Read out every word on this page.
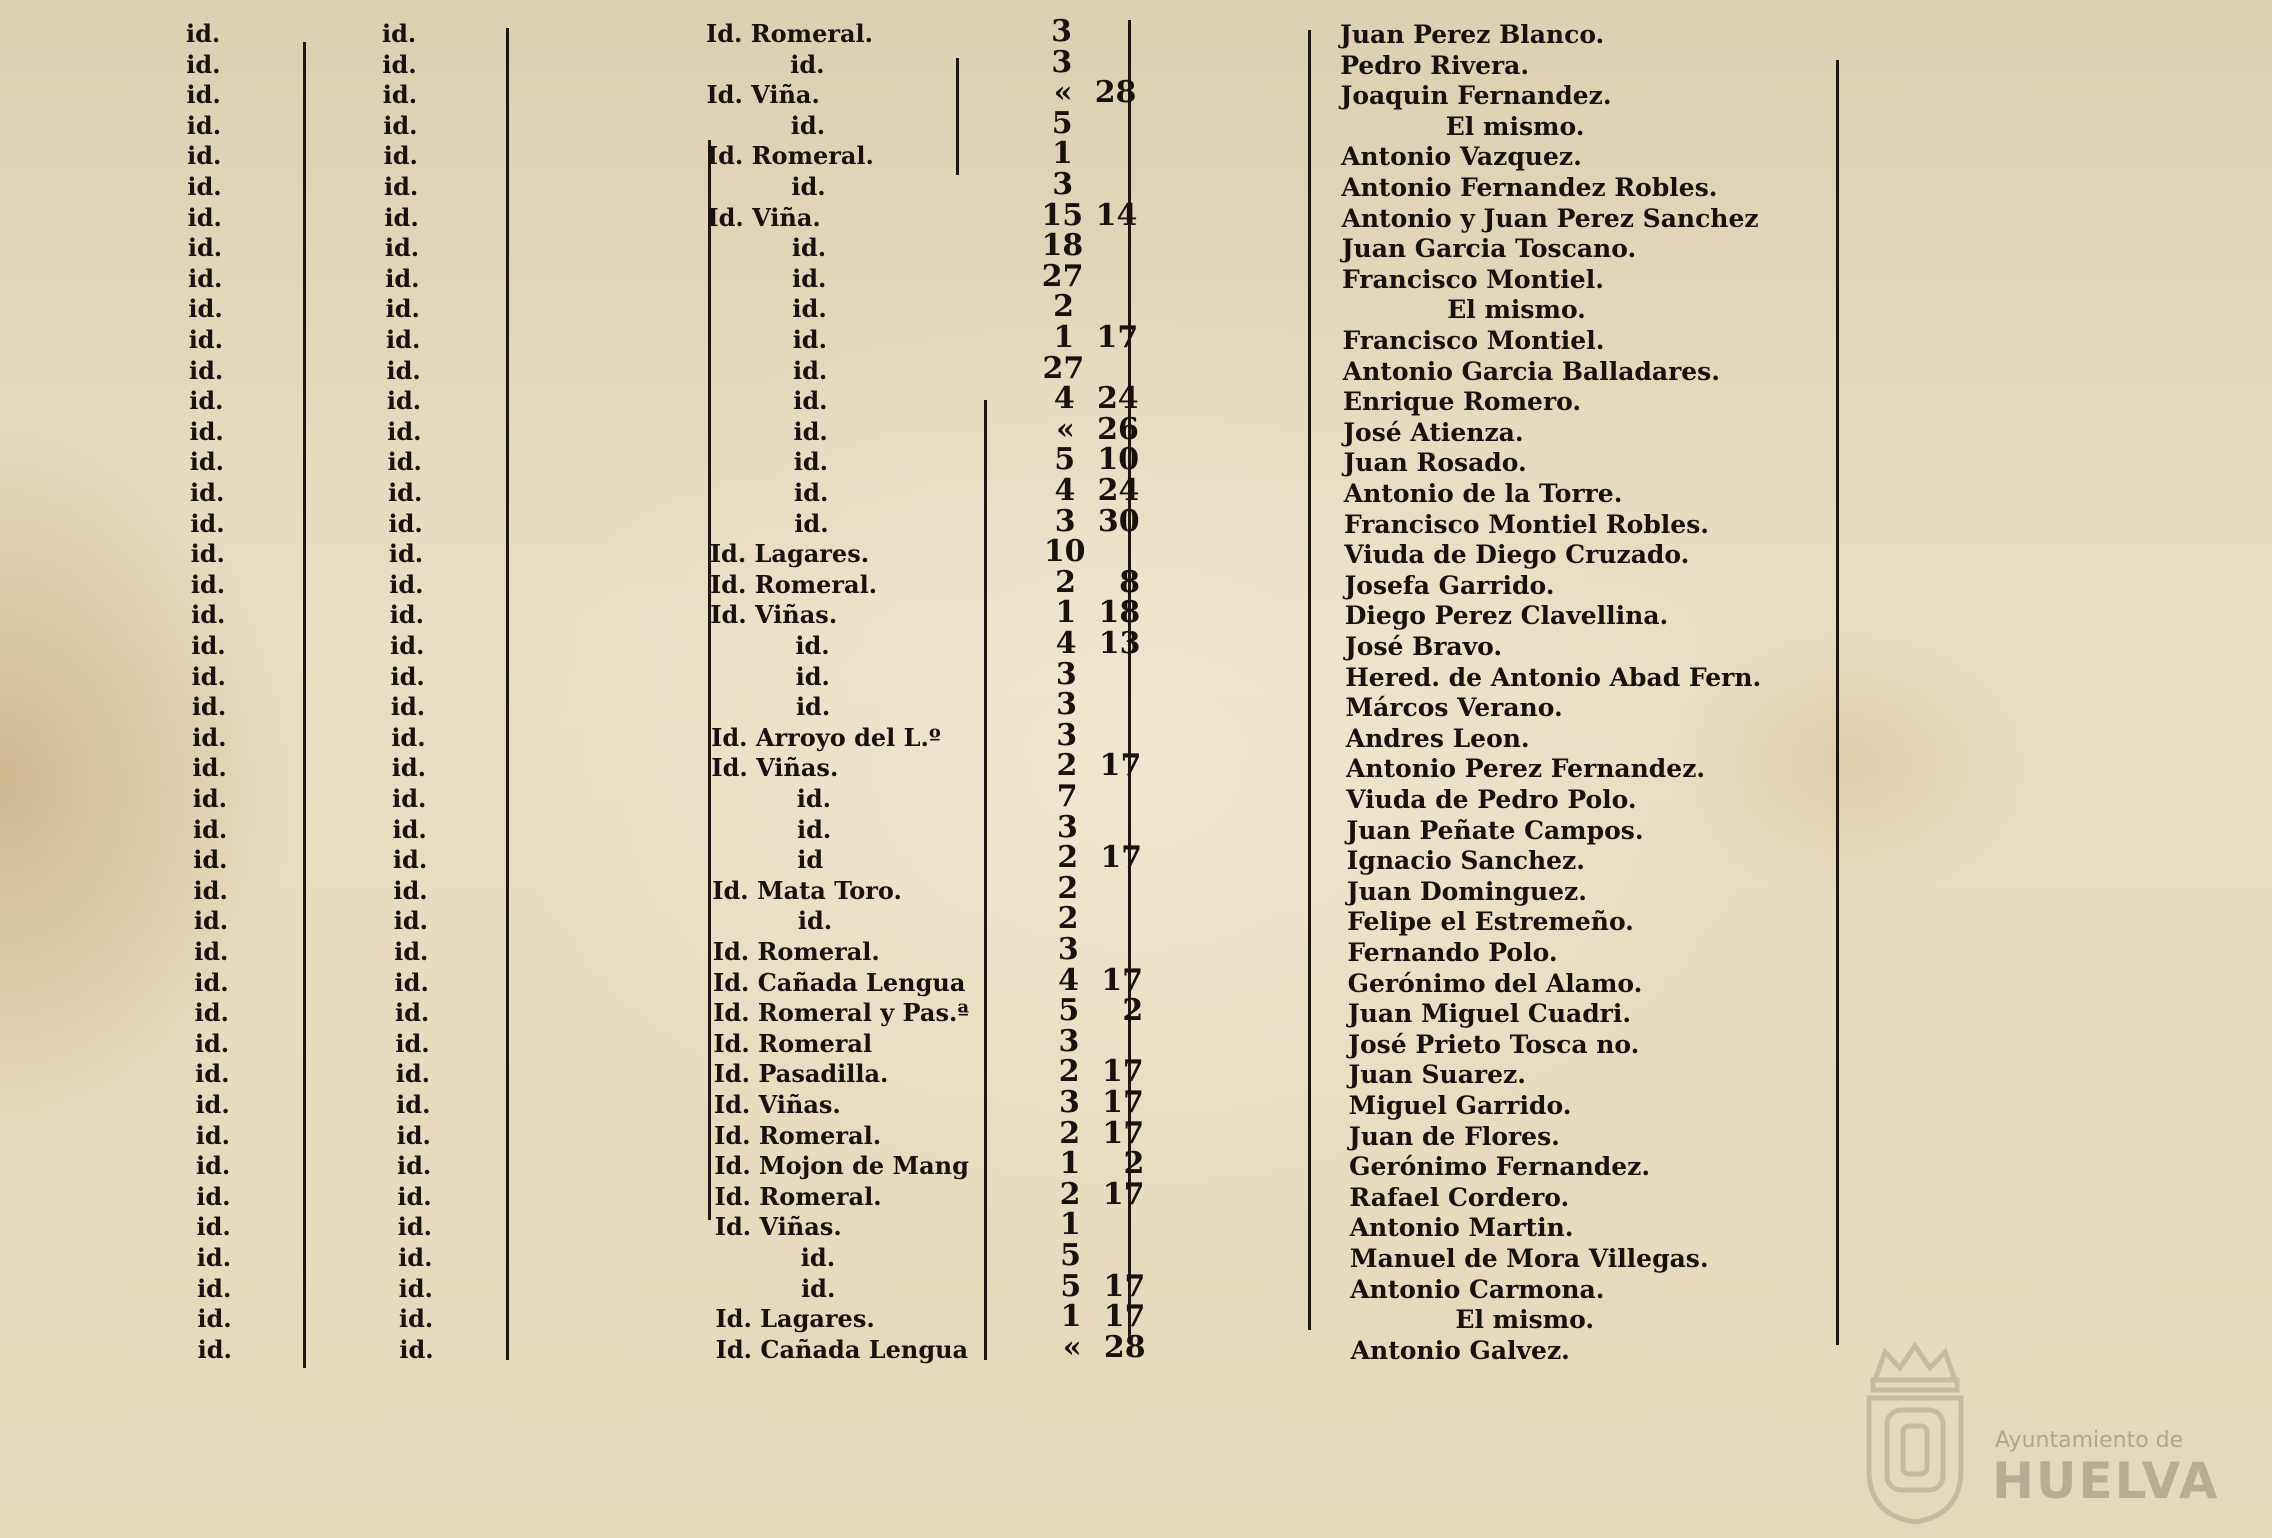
id.	id.	Id. Romeral.	3	Juan Perez Blanco.
id.	id.	id.	3	Pedro Rivera.
id.	id.	Id. Viña.	« 28	Joaquin Fernandez.
id.	id.	id.	5	El mismo.
id.	id.	Id. Romeral.	1	Antonio Vazquez.
id.	id.	id.	3	Antonio Fernandez Robles.
id.	id.	Id. Viña.	15 14	Antonio y Juan Perez Sanchez
id.	id.	id.	18	Juan Garcia Toscano.
id.	id.	id.	27	Francisco Montiel.
id.	id.	id.	2	El mismo.
id.	id.	id.	1 17	Francisco Montiel.
id.	id.	id.	27	Antonio Garcia Balladares.
id.	id.	id.	4 24	Enrique Romero.
id.	id.	id.	« 26	José Atienza.
id.	id.	id.	5 10	Juan Rosado.
id.	id.	id.	4 24	Antonio de la Torre.
id.	id.	id.	3 30	Francisco Montiel Robles.
id.	id.	Id. Lagares.	10	Viuda de Diego Cruzado.
id.	id.	Id. Romeral.	2	8	Josefa Garrido.
id.	id.	Id. Viñas.	1 18	Diego Perez Clavellina.
id.	id.	id.	4 13	José Bravo.
id.	id.	id.	3	Hered. de Antonio Abad Fern.
id.	id.	id.	3	Márcos Verano.
id.	id.	Id. Arroyo del L.º	3	Andres Leon.
id.	id.	Id. Viñas.	2 17	Antonio Perez Fernandez.
id.	id.	id.	7	Viuda de Pedro Polo.
id.	id.	id.	3	Juan Peñate Campos.
id.	id.	id	2 17	Ignacio Sanchez.
id.	id.	Id. Mata Toro.	2	Juan Dominguez.
id.	id.	id.	2	Felipe el Estremeño.
id.	id.	Id. Romeral.	3	Fernando Polo.
id.	id.	Id. Cañada Lengua	4 17	Gerónimo del Alamo.
id.	id.	Id. Romeral y Pas.ª	5	2	Juan Miguel Cuadri.
id.	id.	Id. Romeral	3	José Prieto Tosca no.
id.	id.	Id. Pasadilla.	2 17	Juan Suarez.
id.	id.	Id. Viñas.	3 17	Miguel Garrido.
id.	id.	Id. Romeral.	2 17	Juan de Flores.
id.	id.	Id. Mojon de Mang	1	2	Gerónimo Fernandez.
id.	id.	Id. Romeral.	2 17	Rafael Cordero.
id.	id.	Id. Viñas.	1	Antonio Martin.
id.	id.	id.	5	Manuel de Mora Villegas.
id.	id.	id.	5 17	Antonio Carmona.
id.	id.	Id. Lagares.	1 17	El mismo.
id.	id.	Id. Cañada Lengua	« 28	Antonio Galvez.
Ayuntamiento de
HUELVA
